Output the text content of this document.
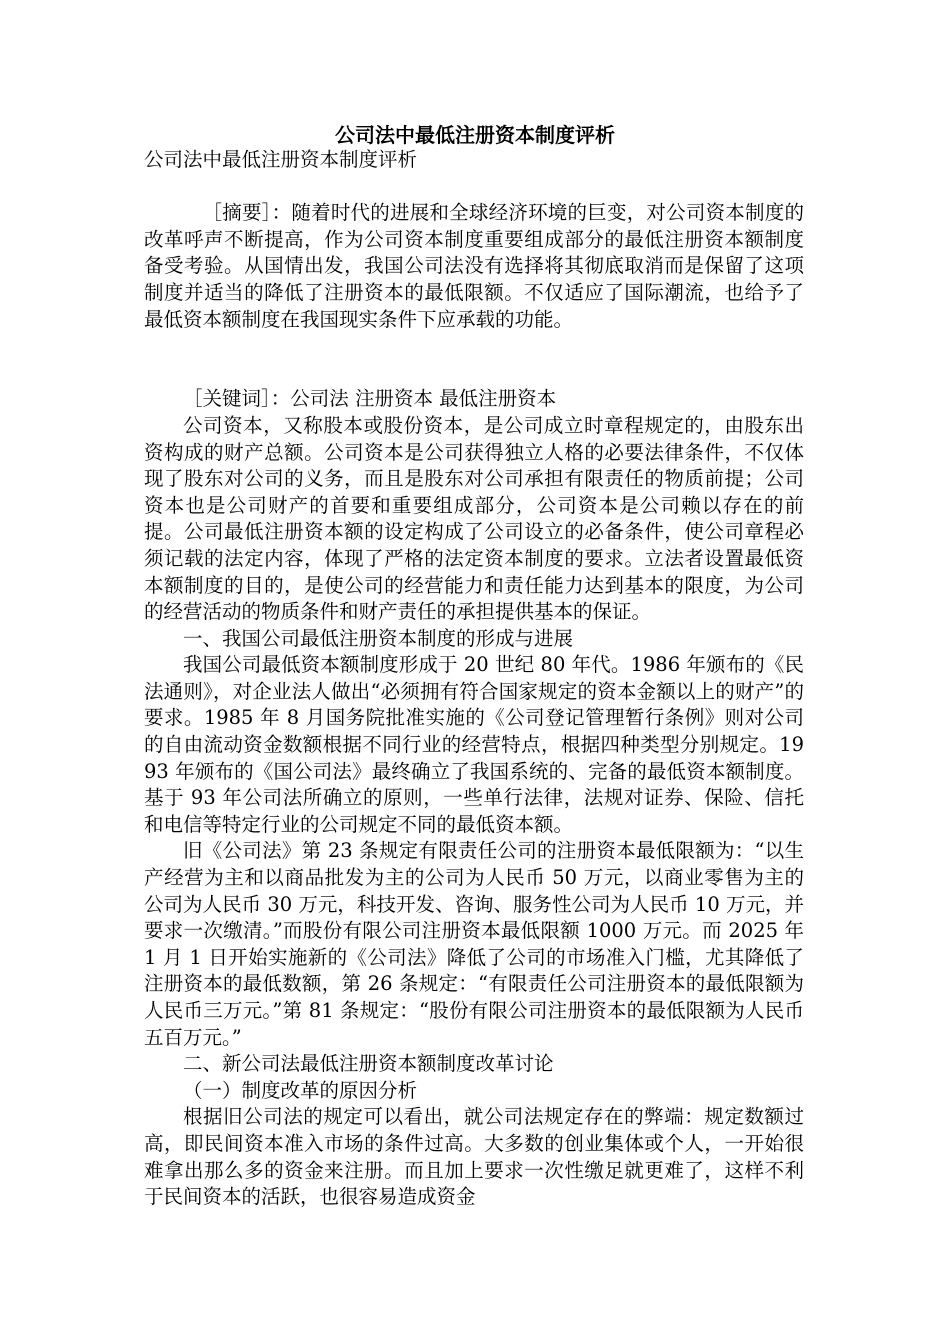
公司法中最低注册资本制度评析

公司法中最低注册资本制度评析

［摘要］：随着时代的进展和全球经济环境的巨变，对公司资本制度的改革呼声不断提高，作为公司资本制度重要组成部分的最低注册资本额制度备受考验。从国情出发，我国公司法没有选择将其彻底取消而是保留了这项制度并适当的降低了注册资本的最低限额。不仅适应了国际潮流，也给予了最低资本额制度在我国现实条件下应承载的功能。

［关键词］：公司法 注册资本 最低注册资本

公司资本，又称股本或股份资本，是公司成立时章程规定的，由股东出资构成的财产总额。公司资本是公司获得独立人格的必要法律条件，不仅体现了股东对公司的义务，而且是股东对公司承担有限责任的物质前提；公司资本也是公司财产的首要和重要组成部分，公司资本是公司赖以存在的前提。公司最低注册资本额的设定构成了公司设立的必备条件，使公司章程必须记载的法定内容，体现了严格的法定资本制度的要求。立法者设置最低资本额制度的目的，是使公司的经营能力和责任能力达到基本的限度，为公司的经营活动的物质条件和财产责任的承担提供基本的保证。

一、我国公司最低注册资本制度的形成与进展

我国公司最低资本额制度形成于 20 世纪 80 年代。1986 年颁布的《民法通则》，对企业法人做出“必须拥有符合国家规定的资本金额以上的财产”的要求。1985 年 8 月国务院批准实施的《公司登记管理暂行条例》则对公司的自由流动资金数额根据不同行业的经营特点，根据四种类型分别规定。1993 年颁布的《国公司法》最终确立了我国系统的、完备的最低资本额制度。基于 93 年公司法所确立的原则，一些单行法律，法规对证券、保险、信托和电信等特定行业的公司规定不同的最低资本额。

旧《公司法》第 23 条规定有限责任公司的注册资本最低限额为：“以生产经营为主和以商品批发为主的公司为人民币 50 万元，以商业零售为主的公司为人民币 30 万元，科技开发、咨询、服务性公司为人民币 10 万元，并要求一次缴清。”而股份有限公司注册资本最低限额 1000 万元。而 2025 年 1 月 1 日开始实施新的《公司法》降低了公司的市场准入门槛，尤其降低了注册资本的最低数额，第 26 条规定：“有限责任公司注册资本的最低限额为人民币三万元。”第 81 条规定：“股份有限公司注册资本的最低限额为人民币五百万元。”

二、新公司法最低注册资本额制度改革讨论

（一）制度改革的原因分析

根据旧公司法的规定可以看出，就公司法规定存在的弊端：规定数额过高，即民间资本准入市场的条件过高。大多数的创业集体或个人，一开始很难拿出那么多的资金来注册。而且加上要求一次性缴足就更难了，这样不利于民间资本的活跃，也很容易造成资金
